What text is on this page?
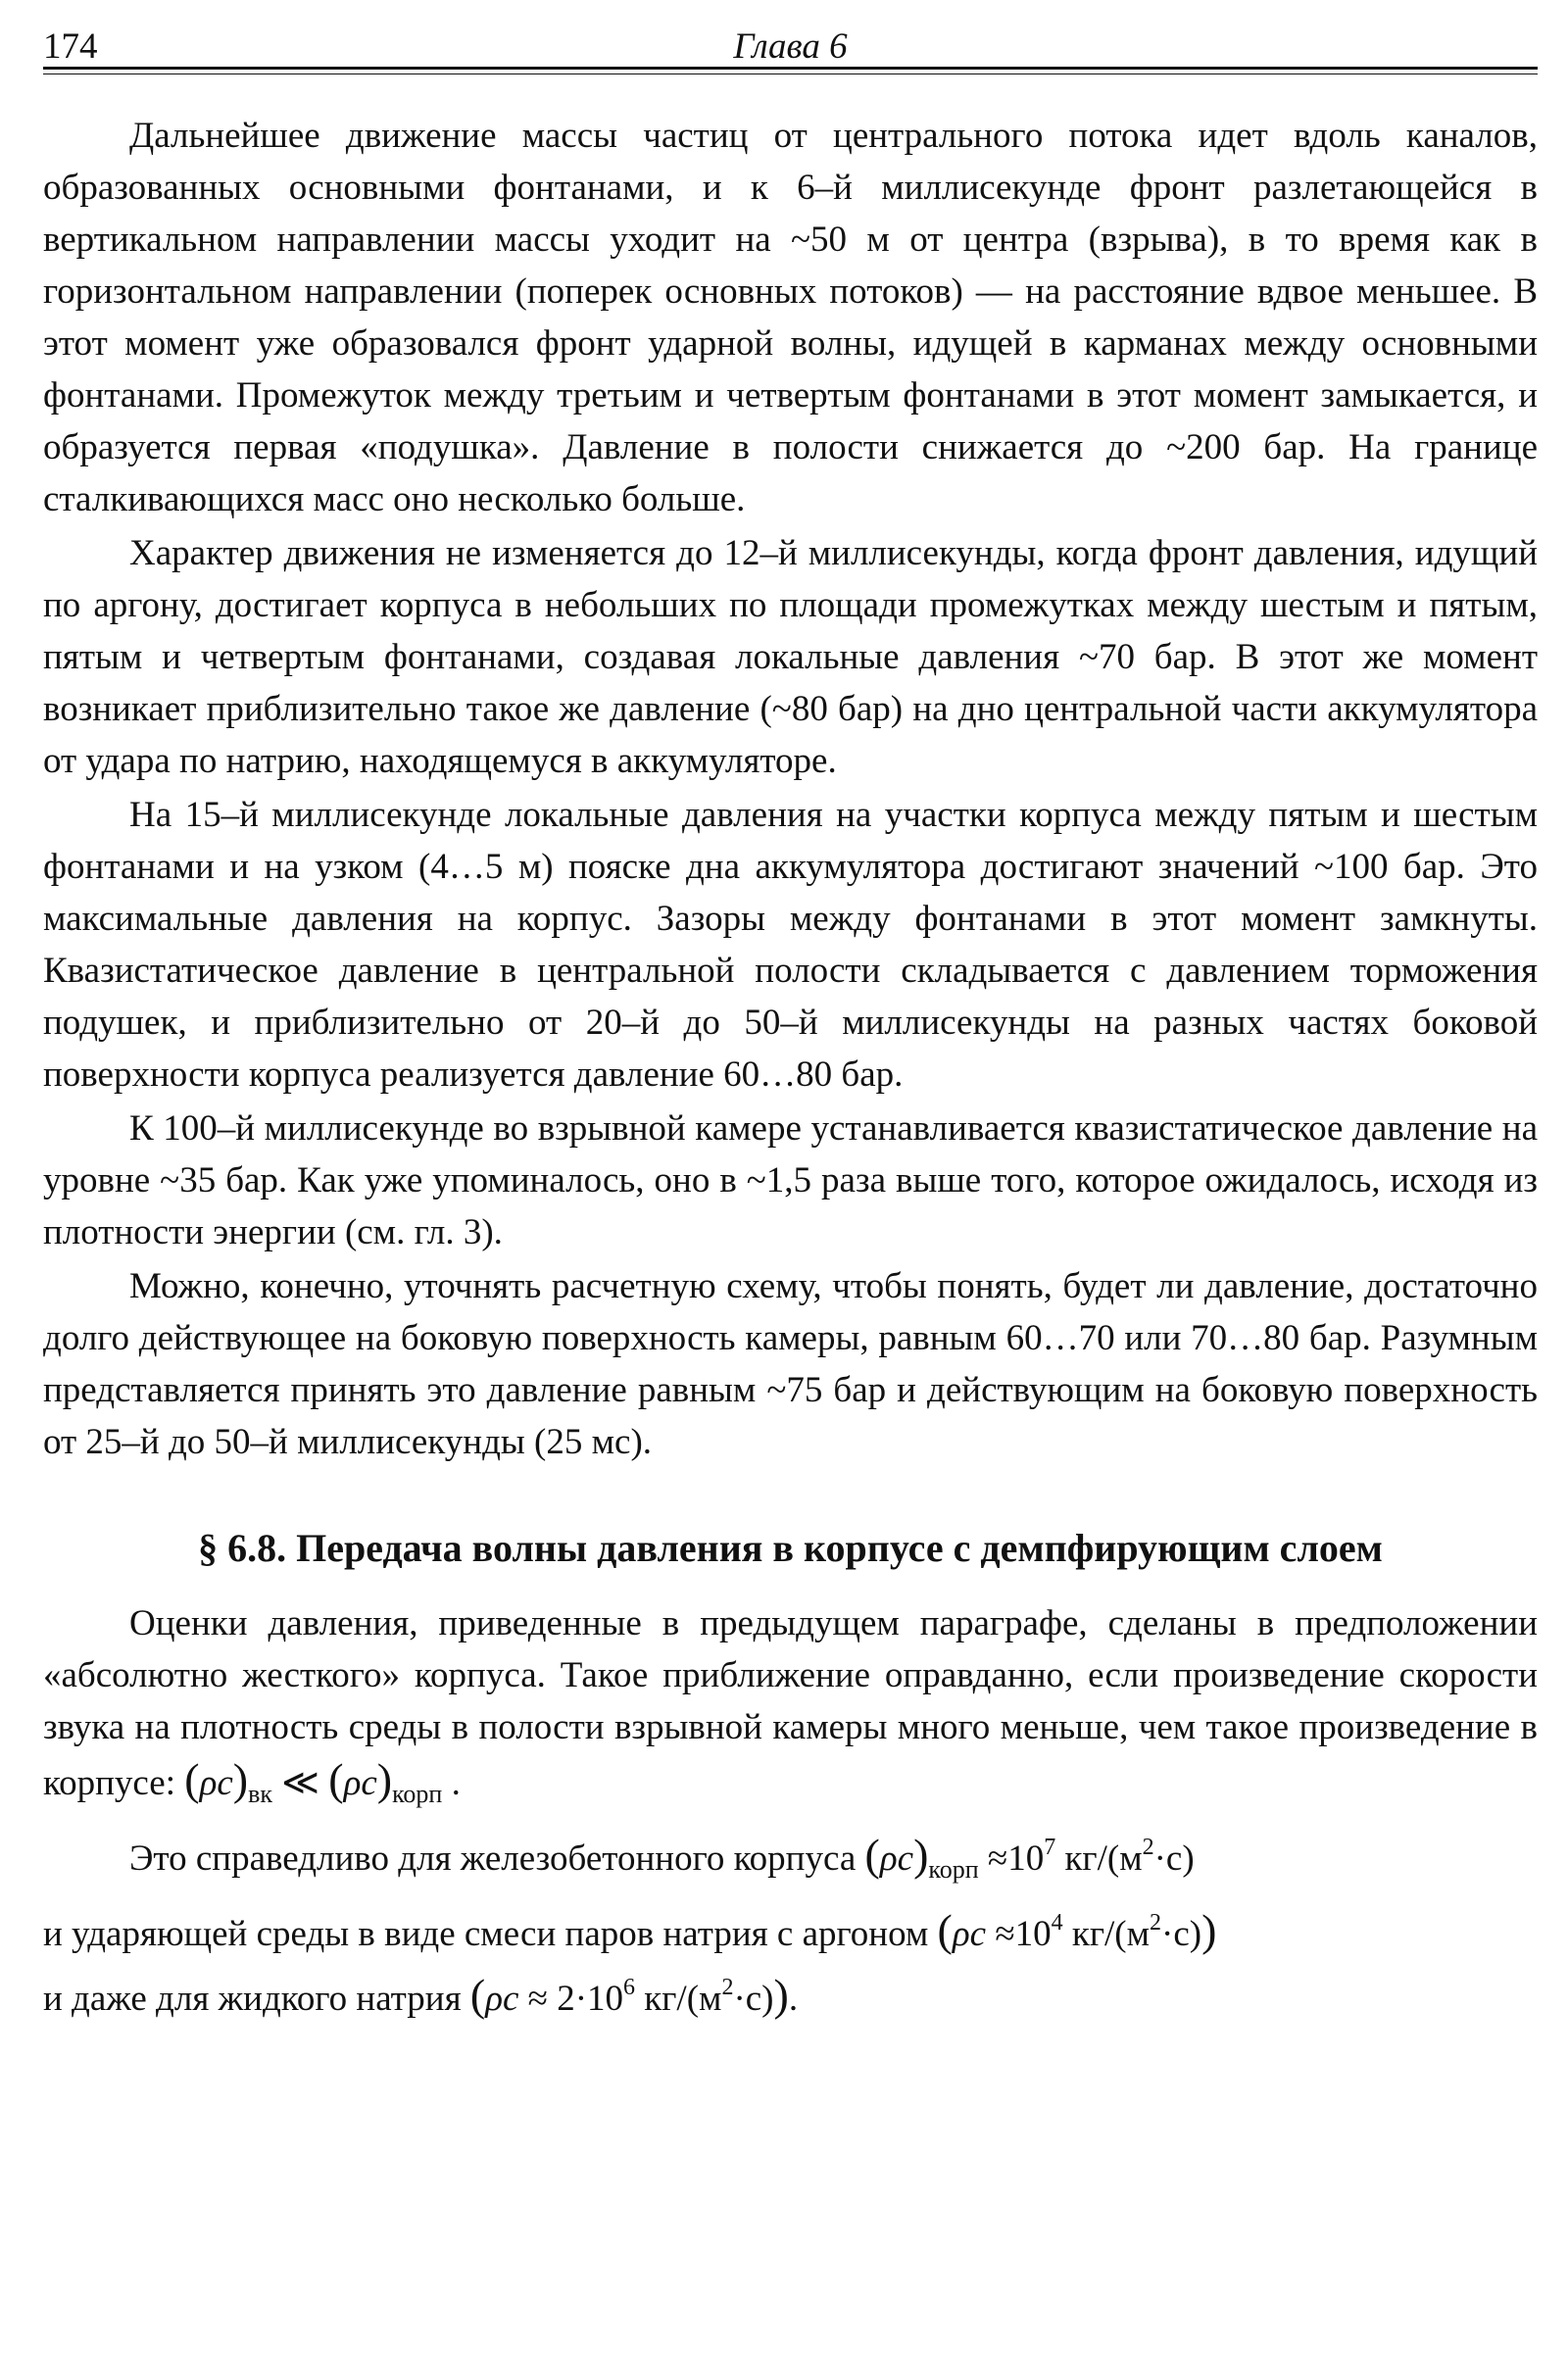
174	Глава 6

Дальнейшее движение массы частиц от центрального потока идет вдоль каналов, образованных основными фонтанами, и к 6–й миллисекунде фронт разлетающейся в вертикальном направлении массы уходит на ~50 м от центра (взрыва), в то время как в горизонтальном направлении (поперек основных потоков) — на расстояние вдвое меньшее. В этот момент уже образовался фронт ударной волны, идущей в карманах между основными фонтанами. Промежуток между третьим и четвертым фонтанами в этот момент замыкается, и образуется первая «подушка». Давление в полости снижается до ~200 бар. На границе сталкивающихся масс оно несколько больше.

Характер движения не изменяется до 12–й миллисекунды, когда фронт давления, идущий по аргону, достигает корпуса в небольших по площади промежутках между шестым и пятым, пятым и четвертым фонтанами, создавая локальные давления ~70 бар. В этот же момент возникает приблизительно такое же давление (~80 бар) на дно центральной части аккумулятора от удара по натрию, находящемуся в аккумуляторе.

На 15–й миллисекунде локальные давления на участки корпуса между пятым и шестым фонтанами и на узком (4…5 м) пояске дна аккумулятора достигают значений ~100 бар. Это максимальные давления на корпус. Зазоры между фонтанами в этот момент замкнуты. Квазистатическое давление в центральной полости складывается с давлением торможения подушек, и приблизительно от 20–й до 50–й миллисекунды на разных частях боковой поверхности корпуса реализуется давление 60…80 бар.

К 100–й миллисекунде во взрывной камере устанавливается квазистатическое давление на уровне ~35 бар. Как уже упоминалось, оно в ~1,5 раза выше того, которое ожидалось, исходя из плотности энергии (см. гл. 3).

Можно, конечно, уточнять расчетную схему, чтобы понять, будет ли давление, достаточно долго действующее на боковую поверхность камеры, равным 60…70 или 70…80 бар. Разумным представляется принять это давление равным ~75 бар и действующим на боковую поверхность от 25–й до 50–й миллисекунды (25 мс).

§ 6.8. Передача волны давления в корпусе с демпфирующим слоем

Оценки давления, приведенные в предыдущем параграфе, сделаны в предположении «абсолютно жесткого» корпуса. Такое приближение оправданно, если произведение скорости звука на плотность среды в полости взрывной камеры много меньше, чем такое произведение в корпусе: $(\rho c)_{вк}$ ≪ $(\rho c)_{корп}$ .

Это справедливо для железобетонного корпуса $(\rho c)_{корп} \approx 10^7$ $кг/(м^2\cdot с)$

и ударяющей среды в виде смеси паров натрия с аргоном ($\rho c \approx 10^4$ $кг/(м^2\cdot с)$)

и даже для жидкого натрия ($\rho c \approx 2\cdot 10^6$ $кг/(м^2\cdot с)$).
